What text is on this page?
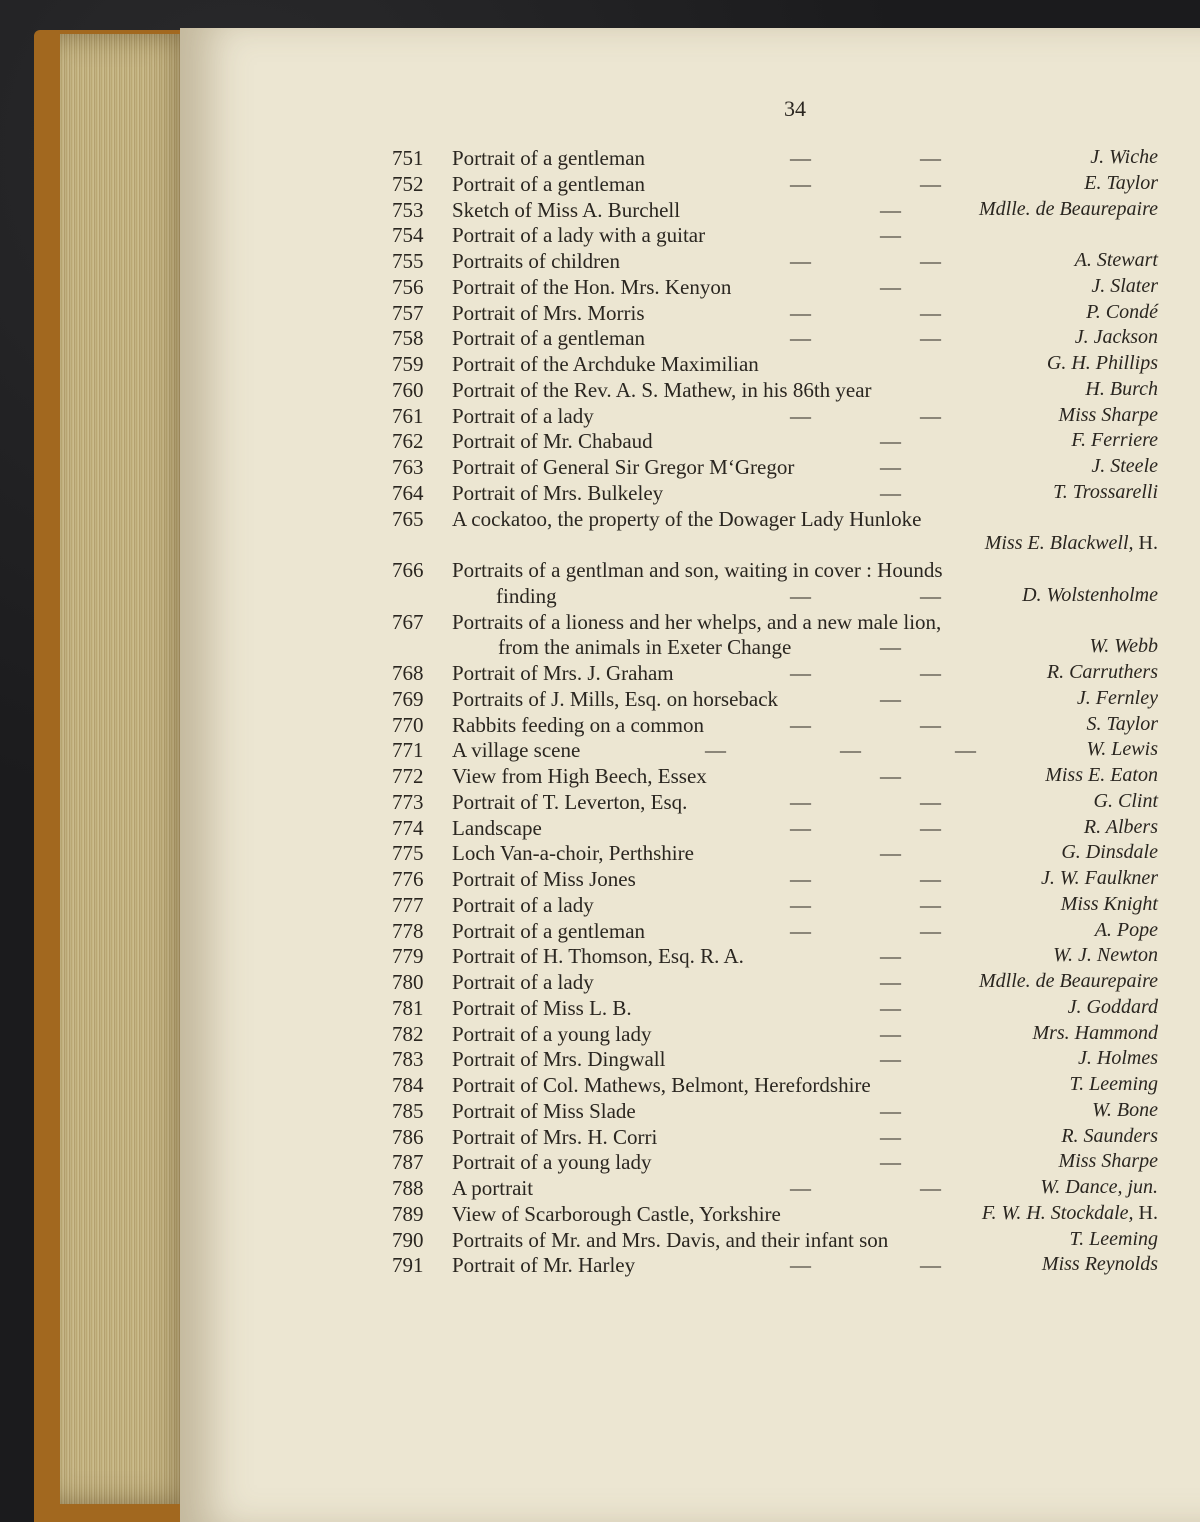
34
751	Portrait of a gentleman	—	—	J. Wiche
752	Portrait of a gentleman	—	—	E. Taylor
753	Sketch of Miss A. Burchell	—	Mdlle. de Beaurepaire
754	Portrait of a lady with a guitar	—
755	Portraits of children	—	—	A. Stewart
756	Portrait of the Hon. Mrs. Kenyon	—	J. Slater
757	Portrait of Mrs. Morris	—	—	P. Condé
758	Portrait of a gentleman	—	—	J. Jackson
759	Portrait of the Archduke Maximilian	G. H. Phillips
760	Portrait of the Rev. A. S. Mathew, in his 86th year	H. Burch
761	Portrait of a lady	—	—	Miss Sharpe
762	Portrait of Mr. Chabaud	—	F. Ferriere
763	Portrait of General Sir Gregor M‘Gregor	—	J. Steele
764	Portrait of Mrs. Bulkeley	—	T. Trossarelli
765	A cockatoo, the property of the Dowager Lady Hunloke
Miss E. Blackwell, H.
766	Portraits of a gentlman and son, waiting in cover : Hounds
finding	—	—	D. Wolstenholme
767	Portraits of a lioness and her whelps, and a new male lion,
from the animals in Exeter Change	—	W. Webb
768	Portrait of Mrs. J. Graham	—	—	R. Carruthers
769	Portraits of J. Mills, Esq. on horseback	—	J. Fernley
770	Rabbits feeding on a common	—	—	S. Taylor
771	A village scene	—	—	—	W. Lewis
772	View from High Beech, Essex	—	Miss E. Eaton
773	Portrait of T. Leverton, Esq.	—	—	G. Clint
774	Landscape	—	—	R. Albers
775	Loch Van-a-choir, Perthshire	—	G. Dinsdale
776	Portrait of Miss Jones	—	—	J. W. Faulkner
777	Portrait of a lady	—	—	Miss Knight
778	Portrait of a gentleman	—	—	A. Pope
779	Portrait of H. Thomson, Esq. R. A.	—	W. J. Newton
780	Portrait of a lady	—	Mdlle. de Beaurepaire
781	Portrait of Miss L. B.	—	J. Goddard
782	Portrait of a young lady	—	Mrs. Hammond
783	Portrait of Mrs. Dingwall	—	J. Holmes
784	Portrait of Col. Mathews, Belmont, Herefordshire	T. Leeming
785	Portrait of Miss Slade	—	W. Bone
786	Portrait of Mrs. H. Corri	—	R. Saunders
787	Portrait of a young lady	—	Miss Sharpe
788	A portrait	—	—	W. Dance, jun.
789	View of Scarborough Castle, Yorkshire	F. W. H. Stockdale, H.
790	Portraits of Mr. and Mrs. Davis, and their infant son	T. Leeming
791	Portrait of Mr. Harley	—	—	Miss Reynolds
